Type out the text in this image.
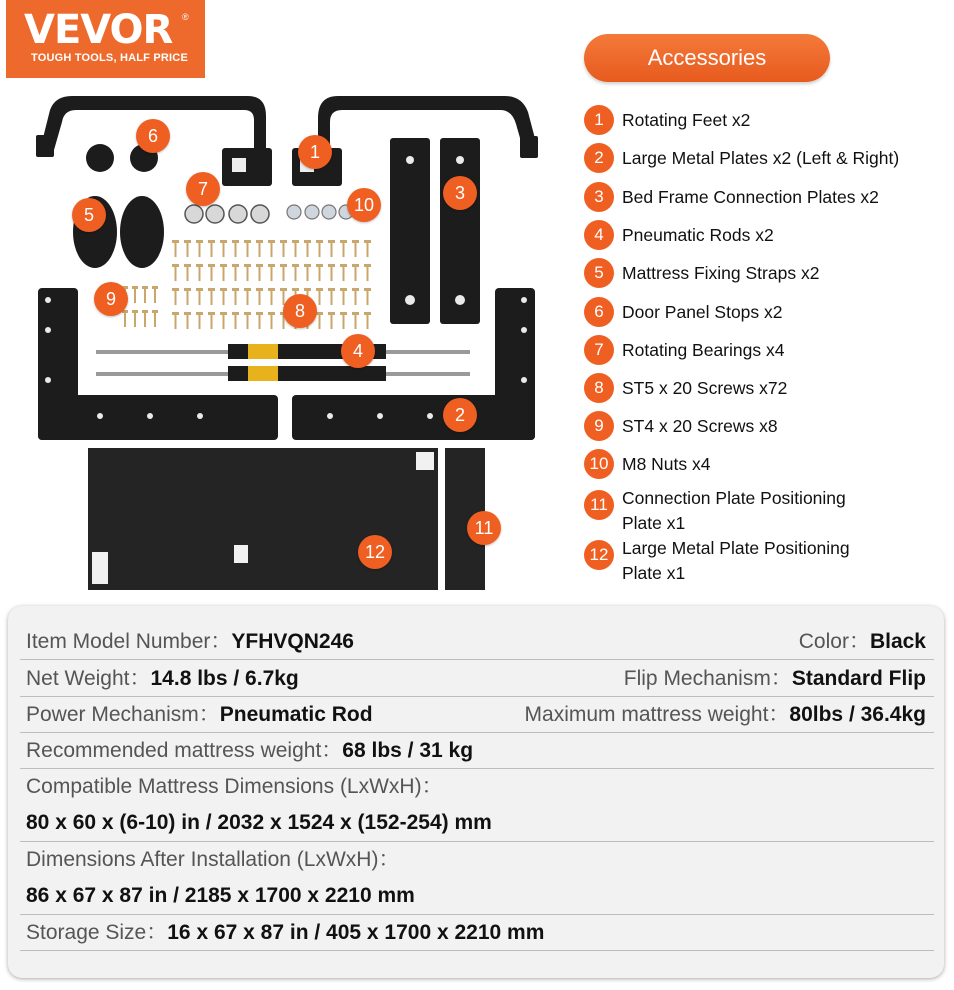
VEVOR ®
TOUGH TOOLS, HALF PRICE	Accessories
1	Rotating Feet x2
2	Large Metal Plates x2 (Left & Right)
3	Bed Frame Connection Plates x2
4	Pneumatic Rods x2
5	Mattress Fixing Straps x2
6	Door Panel Stops x2
7	Rotating Bearings x4
8	ST5 x 20 Screws x72
9	ST4 x 20 Screws x8
10 M8 Nuts x4
11 Connection Plate Positioning
Plate x1
12 Large Metal Plate Positioning
Plate x1
1
2
3
4
5
6
7
8
9
10
11
12
Item Model Number：YFHVQN246	Color：Black
Net Weight：14.8 lbs / 6.7kg	Flip Mechanism：Standard Flip
Power Mechanism：Pneumatic Rod	Maximum mattress weight：80lbs / 36.4kg
Recommended mattress weight：68 lbs / 31 kg
Compatible Mattress Dimensions (LxWxH)：
80 x 60 x (6-10) in / 2032 x 1524 x (152-254) mm
Dimensions After Installation (LxWxH)：
86 x 67 x 87 in / 2185 x 1700 x 2210 mm
Storage Size：16 x 67 x 87 in / 405 x 1700 x 2210 mm
